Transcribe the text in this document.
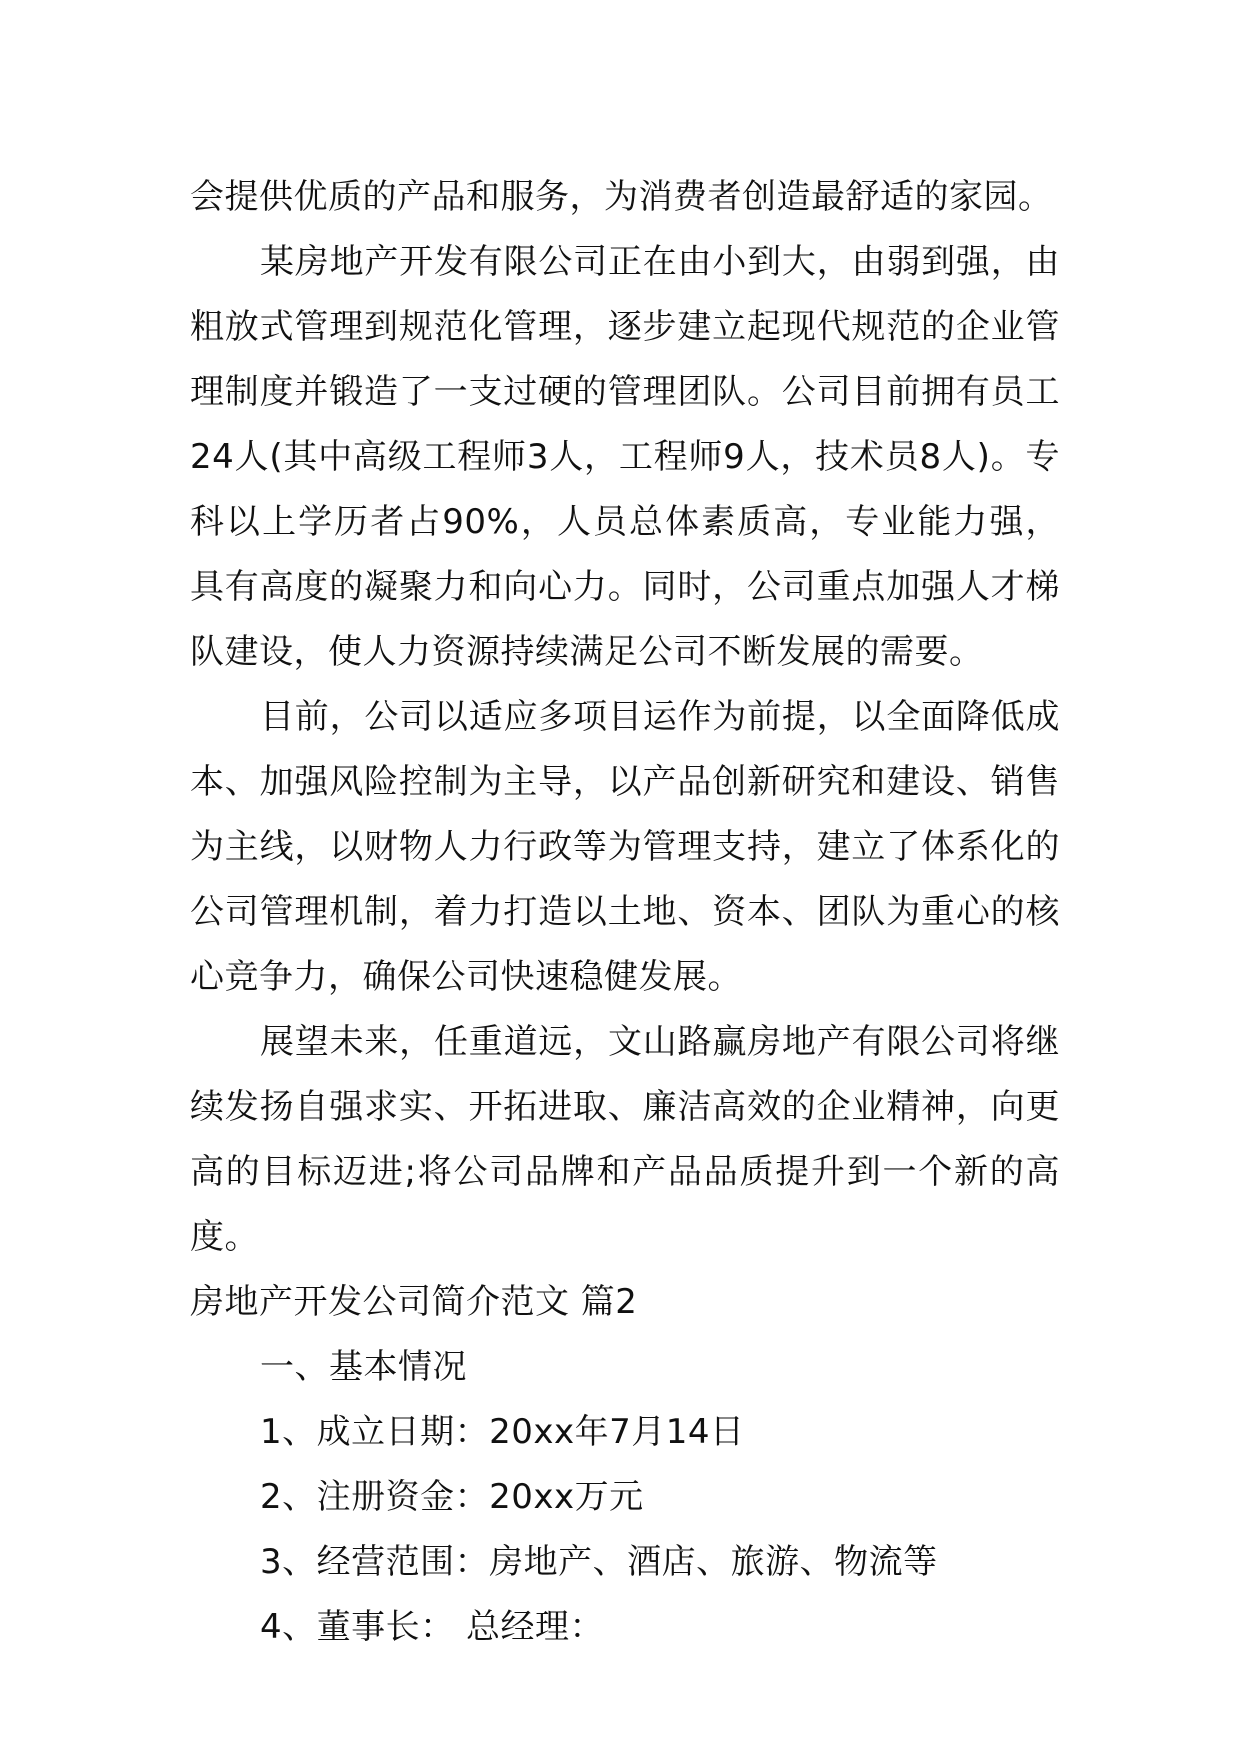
会提供优质的产品和服务，为消费者创造最舒适的家园。

某房地产开发有限公司正在由小到大，由弱到强，由粗放式管理到规范化管理，逐步建立起现代规范的企业管理制度并锻造了一支过硬的管理团队。公司目前拥有员工24人(其中高级工程师3人，工程师9人，技术员8人)。专科以上学历者占90%，人员总体素质高，专业能力强，具有高度的凝聚力和向心力。同时，公司重点加强人才梯队建设，使人力资源持续满足公司不断发展的需要。

目前，公司以适应多项目运作为前提，以全面降低成本、加强风险控制为主导，以产品创新研究和建设、销售为主线，以财物人力行政等为管理支持，建立了体系化的公司管理机制，着力打造以土地、资本、团队为重心的核心竞争力，确保公司快速稳健发展。

展望未来，任重道远，文山路赢房地产有限公司将继续发扬自强求实、开拓进取、廉洁高效的企业精神，向更高的目标迈进;将公司品牌和产品品质提升到一个新的高度。

房地产开发公司简介范文 篇2

一、基本情况

1、成立日期：20xx年7月14日

2、注册资金：20xx万元

3、经营范围：房地产、酒店、旅游、物流等

4、董事长： 总经理：
